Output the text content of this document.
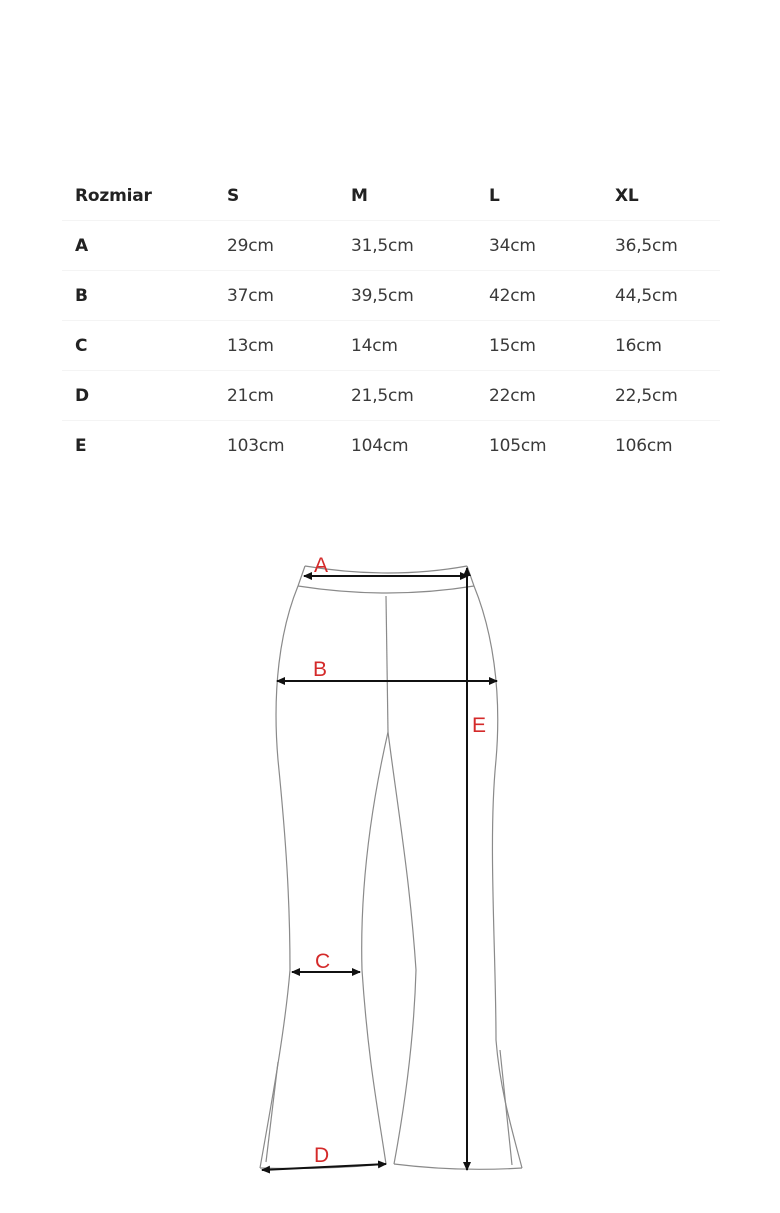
Rozmiar	S	M	L	XL
A	29cm	31,5cm	34cm	36,5cm
B	37cm	39,5cm	42cm	44,5cm
C	13cm	14cm	15cm	16cm
D	21cm	21,5cm	22cm	22,5cm
E	103cm	104cm	105cm	106cm
A
B
C
D
E
